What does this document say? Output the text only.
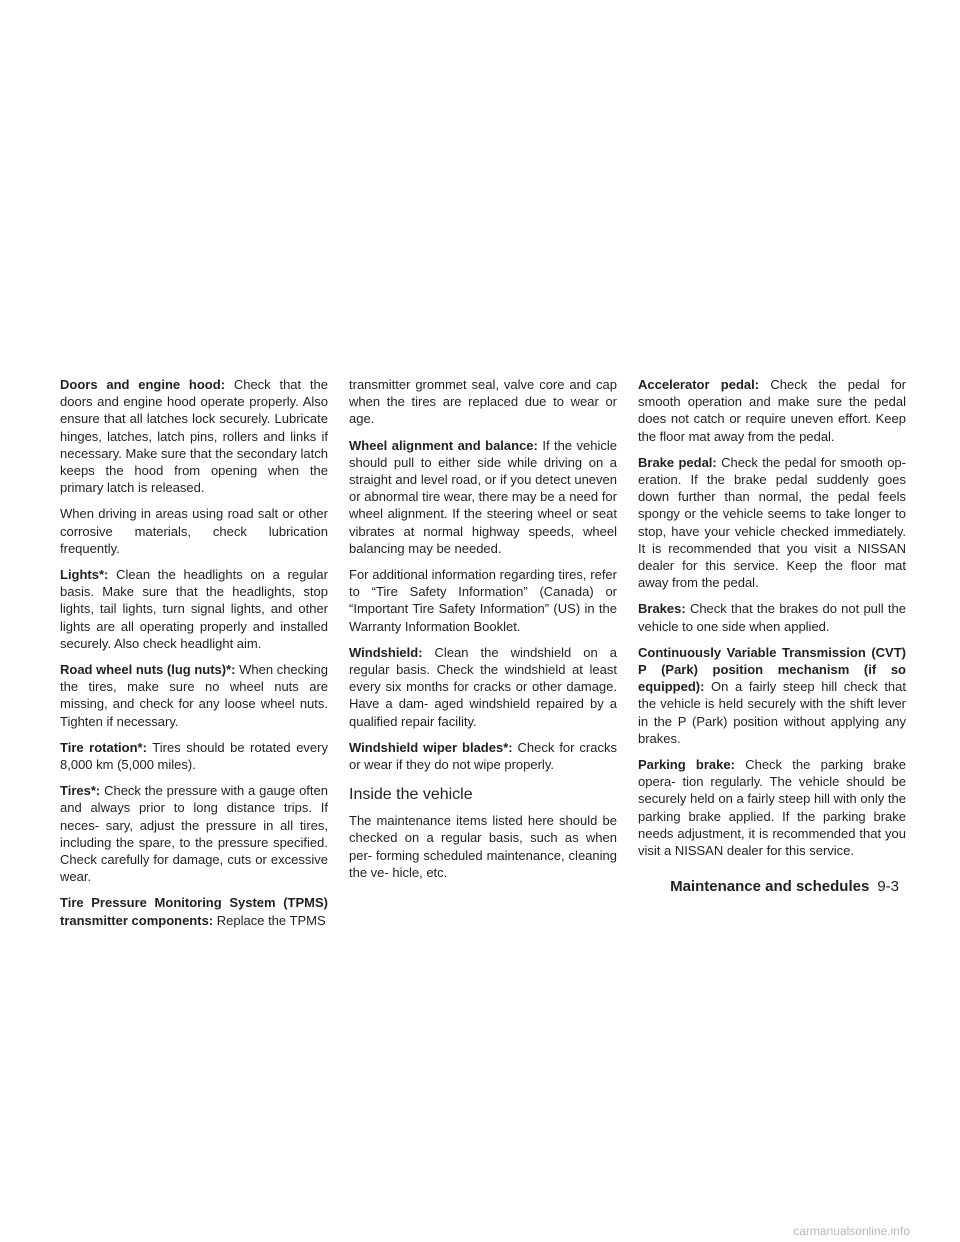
Doors and engine hood: Check that the doors and engine hood operate properly. Also ensure that all latches lock securely. Lubricate hinges, latches, latch pins, rollers and links if necessary. Make sure that the secondary latch keeps the hood from opening when the primary latch is released.

When driving in areas using road salt or other corrosive materials, check lubrication frequently.

Lights*: Clean the headlights on a regular basis. Make sure that the headlights, stop lights, tail lights, turn signal lights, and other lights are all operating properly and installed securely. Also check headlight aim.

Road wheel nuts (lug nuts)*: When checking the tires, make sure no wheel nuts are missing, and check for any loose wheel nuts. Tighten if necessary.

Tire rotation*: Tires should be rotated every 8,000 km (5,000 miles).

Tires*: Check the pressure with a gauge often and always prior to long distance trips. If neces- sary, adjust the pressure in all tires, including the spare, to the pressure specified. Check carefully for damage, cuts or excessive wear.

Tire Pressure Monitoring System (TPMS) transmitter components: Replace the TPMS

transmitter grommet seal, valve core and cap when the tires are replaced due to wear or age.

Wheel alignment and balance: If the vehicle should pull to either side while driving on a straight and level road, or if you detect uneven or abnormal tire wear, there may be a need for wheel alignment. If the steering wheel or seat vibrates at normal highway speeds, wheel balancing may be needed.

For additional information regarding tires, refer to “Tire Safety Information” (Canada) or “Important Tire Safety Information” (US) in the Warranty Information Booklet.

Windshield: Clean the windshield on a regular basis. Check the windshield at least every six months for cracks or other damage. Have a dam- aged windshield repaired by a qualified repair facility.

Windshield wiper blades*: Check for cracks or wear if they do not wipe properly.

Inside the vehicle

The maintenance items listed here should be checked on a regular basis, such as when per- forming scheduled maintenance, cleaning the ve- hicle, etc.

Accelerator pedal: Check the pedal for smooth operation and make sure the pedal does not catch or require uneven effort. Keep the floor mat away from the pedal.

Brake pedal: Check the pedal for smooth op- eration. If the brake pedal suddenly goes down further than normal, the pedal feels spongy or the vehicle seems to take longer to stop, have your vehicle checked immediately. It is recommended that you visit a NISSAN dealer for this service. Keep the floor mat away from the pedal.

Brakes: Check that the brakes do not pull the vehicle to one side when applied.

Continuously Variable Transmission (CVT) P (Park) position mechanism (if so equipped): On a fairly steep hill check that the vehicle is held securely with the shift lever in the P (Park) position without applying any brakes.

Parking brake: Check the parking brake opera- tion regularly. The vehicle should be securely held on a fairly steep hill with only the parking brake applied. If the parking brake needs adjustment, it is recommended that you visit a NISSAN dealer for this service.

Maintenance and schedules 9-3
carmanualsonline.info
